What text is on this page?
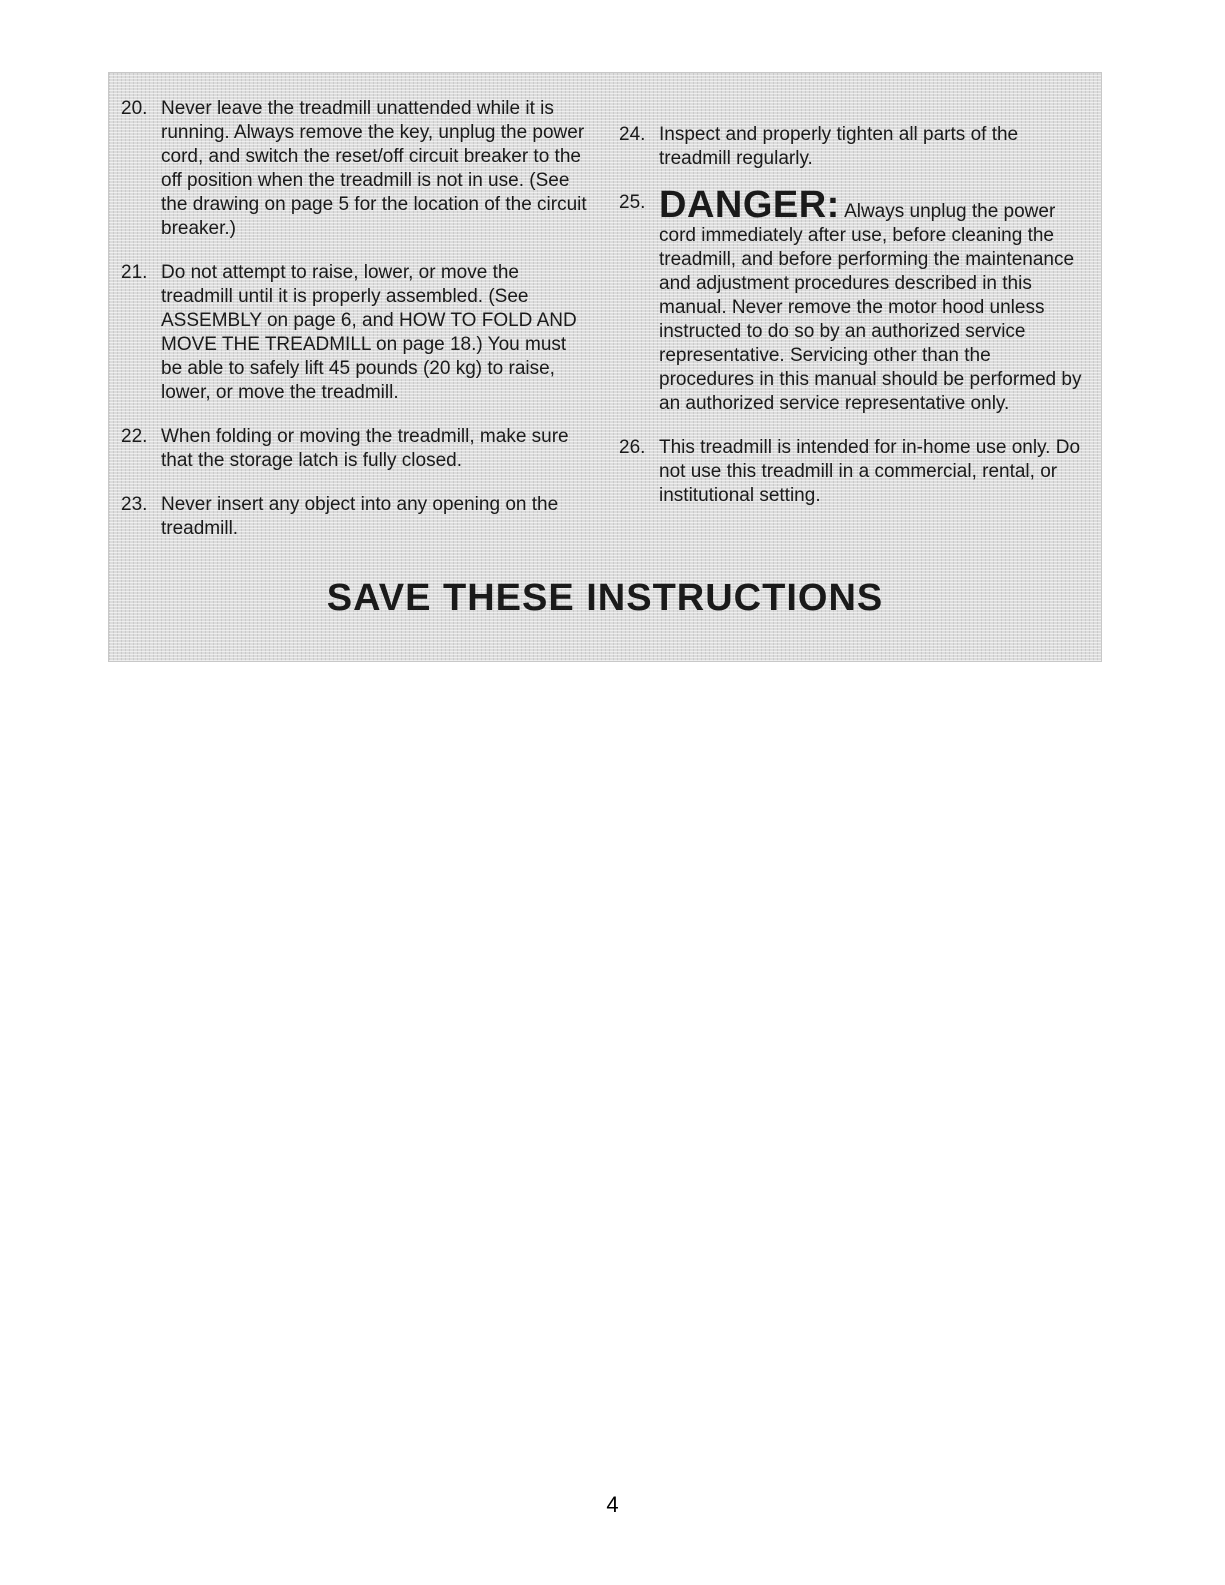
20. Never leave the treadmill unattended while it is running. Always remove the key, unplug the power cord, and switch the reset/off circuit breaker to the off position when the treadmill is not in use. (See the drawing on page 5 for the location of the circuit breaker.)
21. Do not attempt to raise, lower, or move the treadmill until it is properly assembled. (See ASSEMBLY on page 6, and HOW TO FOLD AND MOVE THE TREADMILL on page 18.) You must be able to safely lift 45 pounds (20 kg) to raise, lower, or move the treadmill.
22. When folding or moving the treadmill, make sure that the storage latch is fully closed.
23. Never insert any object into any opening on the treadmill.
24. Inspect and properly tighten all parts of the treadmill regularly.
25. DANGER: Always unplug the power cord immediately after use, before cleaning the treadmill, and before performing the maintenance and adjustment procedures described in this manual. Never remove the motor hood unless instructed to do so by an authorized service representative. Servicing other than the procedures in this manual should be performed by an authorized service representative only.
26. This treadmill is intended for in-home use only. Do not use this treadmill in a commercial, rental, or institutional setting.
SAVE THESE INSTRUCTIONS
4
